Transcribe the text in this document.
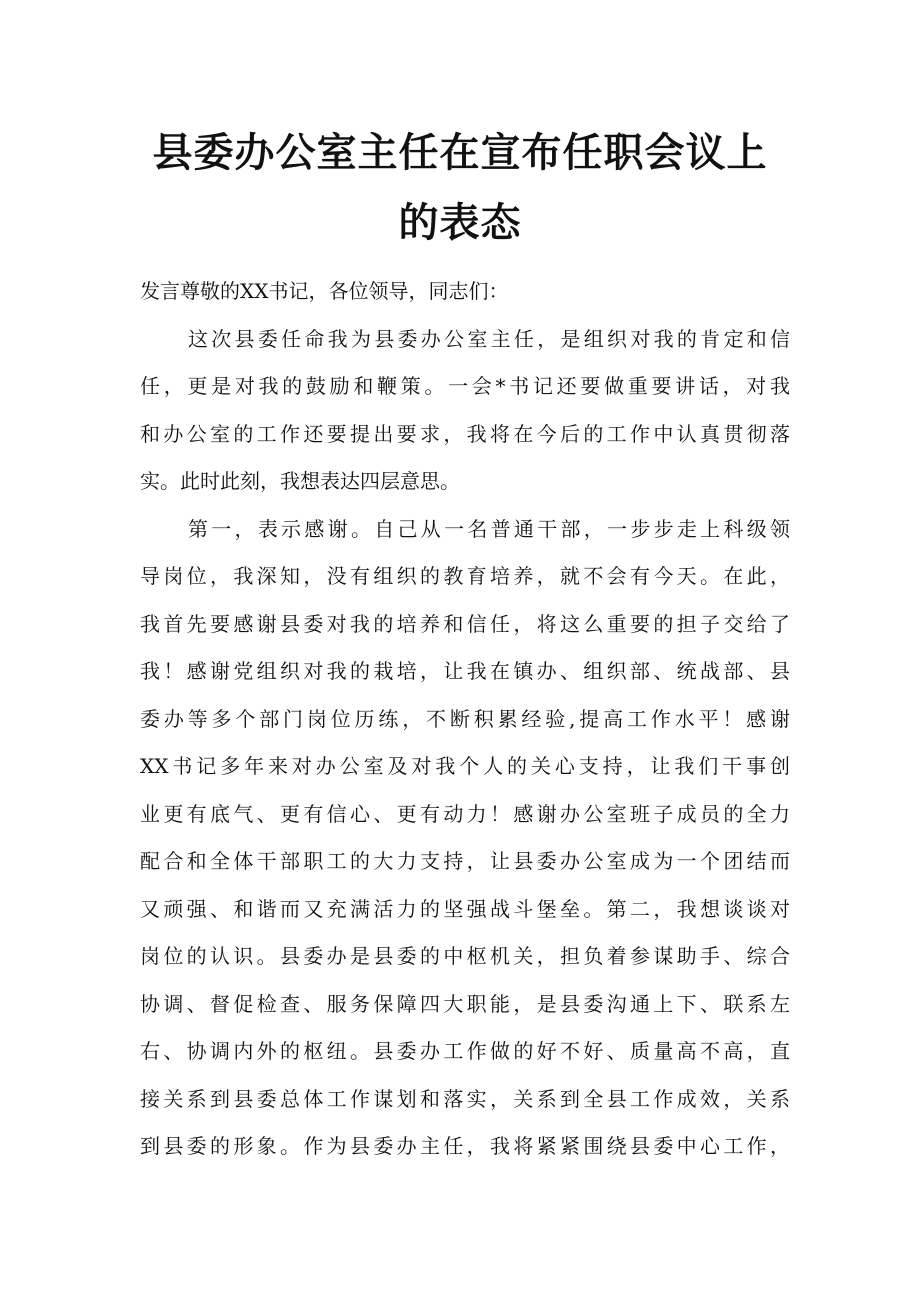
县委办公室主任在宣布任职会议上
的表态
发言尊敬的XX书记，各位领导，同志们：
这次县委任命我为县委办公室主任，是组织对我的肯定和信
任，更是对我的鼓励和鞭策。一会*书记还要做重要讲话，对我
和办公室的工作还要提出要求，我将在今后的工作中认真贯彻落
实。此时此刻，我想表达四层意思。
第一，表示感谢。自己从一名普通干部，一步步走上科级领
导岗位，我深知，没有组织的教育培养，就不会有今天。在此，
我首先要感谢县委对我的培养和信任，将这么重要的担子交给了
我！感谢党组织对我的栽培，让我在镇办、组织部、统战部、县
委办等多个部门岗位历练，不断积累经验,提高工作水平！感谢
XX书记多年来对办公室及对我个人的关心支持，让我们干事创
业更有底气、更有信心、更有动力！感谢办公室班子成员的全力
配合和全体干部职工的大力支持，让县委办公室成为一个团结而
又顽强、和谐而又充满活力的坚强战斗堡垒。第二，我想谈谈对
岗位的认识。县委办是县委的中枢机关，担负着参谋助手、综合
协调、督促检查、服务保障四大职能，是县委沟通上下、联系左
右、协调内外的枢纽。县委办工作做的好不好、质量高不高，直
接关系到县委总体工作谋划和落实，关系到全县工作成效，关系
到县委的形象。作为县委办主任，我将紧紧围绕县委中心工作，
